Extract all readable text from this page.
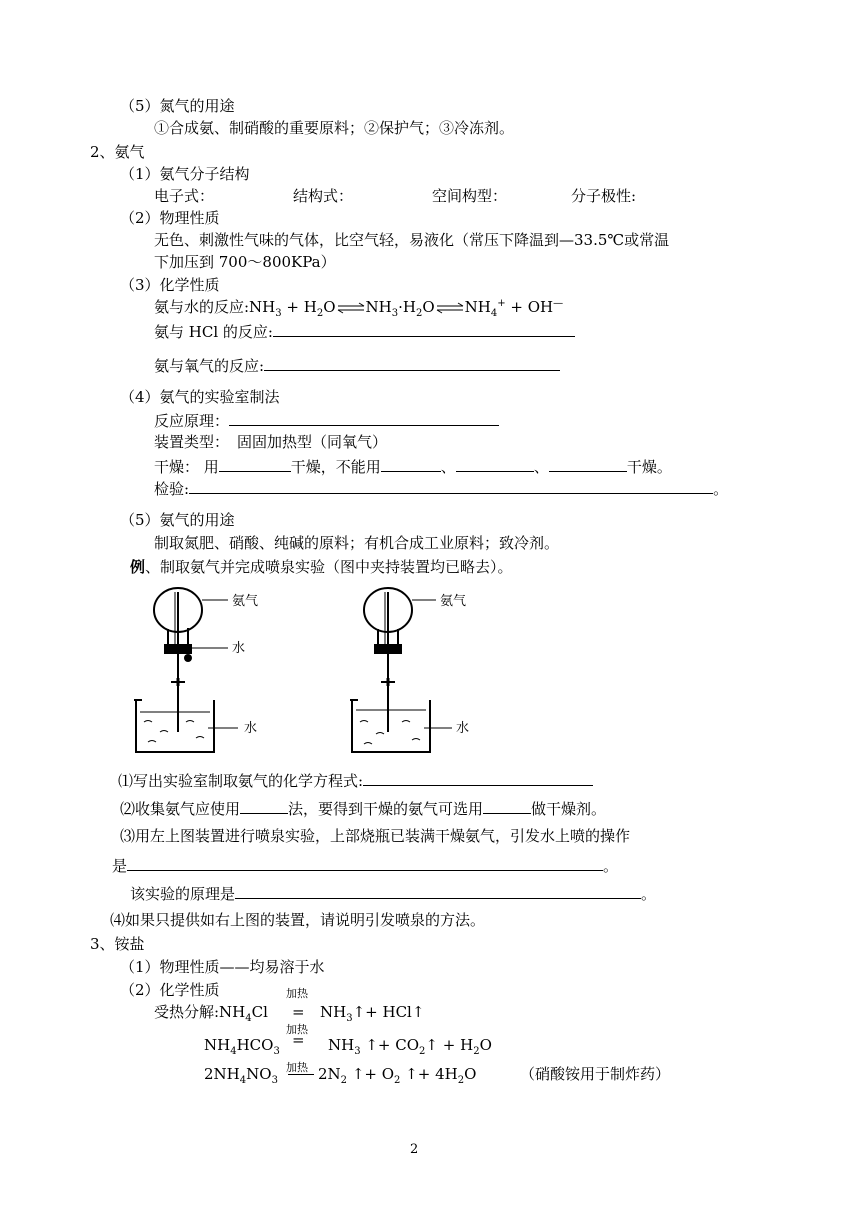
（5）氮气的用途
①合成氨、制硝酸的重要原料；②保护气；③冷冻剂。
2、氨气
（1）氨气分子结构
电子式：	结构式：	空间构型：	分子极性:
（2）物理性质
无色、刺激性气味的气体，比空气轻，易液化（常压下降温到—33.5℃或常温
下加压到 700～800KPa）
（3）化学性质
氨与水的反应$:NH_3$ + $H_2O\rightleftharpoons NH_3\cdot H_2O\rightleftharpoons NH_4^+ + OH^—$
氨与 HCl 的反应:
氨与氧气的反应:
（4）氨气的实验室制法
反应原理：
装置类型： 固固加热型（同氧气）
干燥： 用	干燥，不能用	、	、	干燥。
检验:	。
（5）氨气的用途
制取氮肥、硝酸、纯碱的原料；有机合成工业原料；致冷剂。
例、制取氨气并完成喷泉实验（图中夹持装置均已略去）。
氨气
水
水
氨气
水
⑴写出实验室制取氨气的化学方程式:
⑵收集氨气应使用	法，要得到干燥的氨气可选用	做干燥剂。
⑶用左上图装置进行喷泉实验，上部烧瓶已装满干燥氨气，引发水上喷的操作
是	。
该实验的原理是	。
⑷如果只提供如右上图的装置，请说明引发喷泉的方法。
3、铵盐
（1）物理性质——均易溶于水
（2）化学性质	加热
受热分解$:NH_4Cl$ = $NH_3↑+$ HCl↑
加热
$NH_4HCO_3$
= $NH_3$ ↑+ $CO_2↑ + H_2O$
$2NH_4NO_3$
加热 $2N_2$ ↑+ $O_2$ ↑+ $4H_2O$	（硝酸铵用于制炸药）
2
